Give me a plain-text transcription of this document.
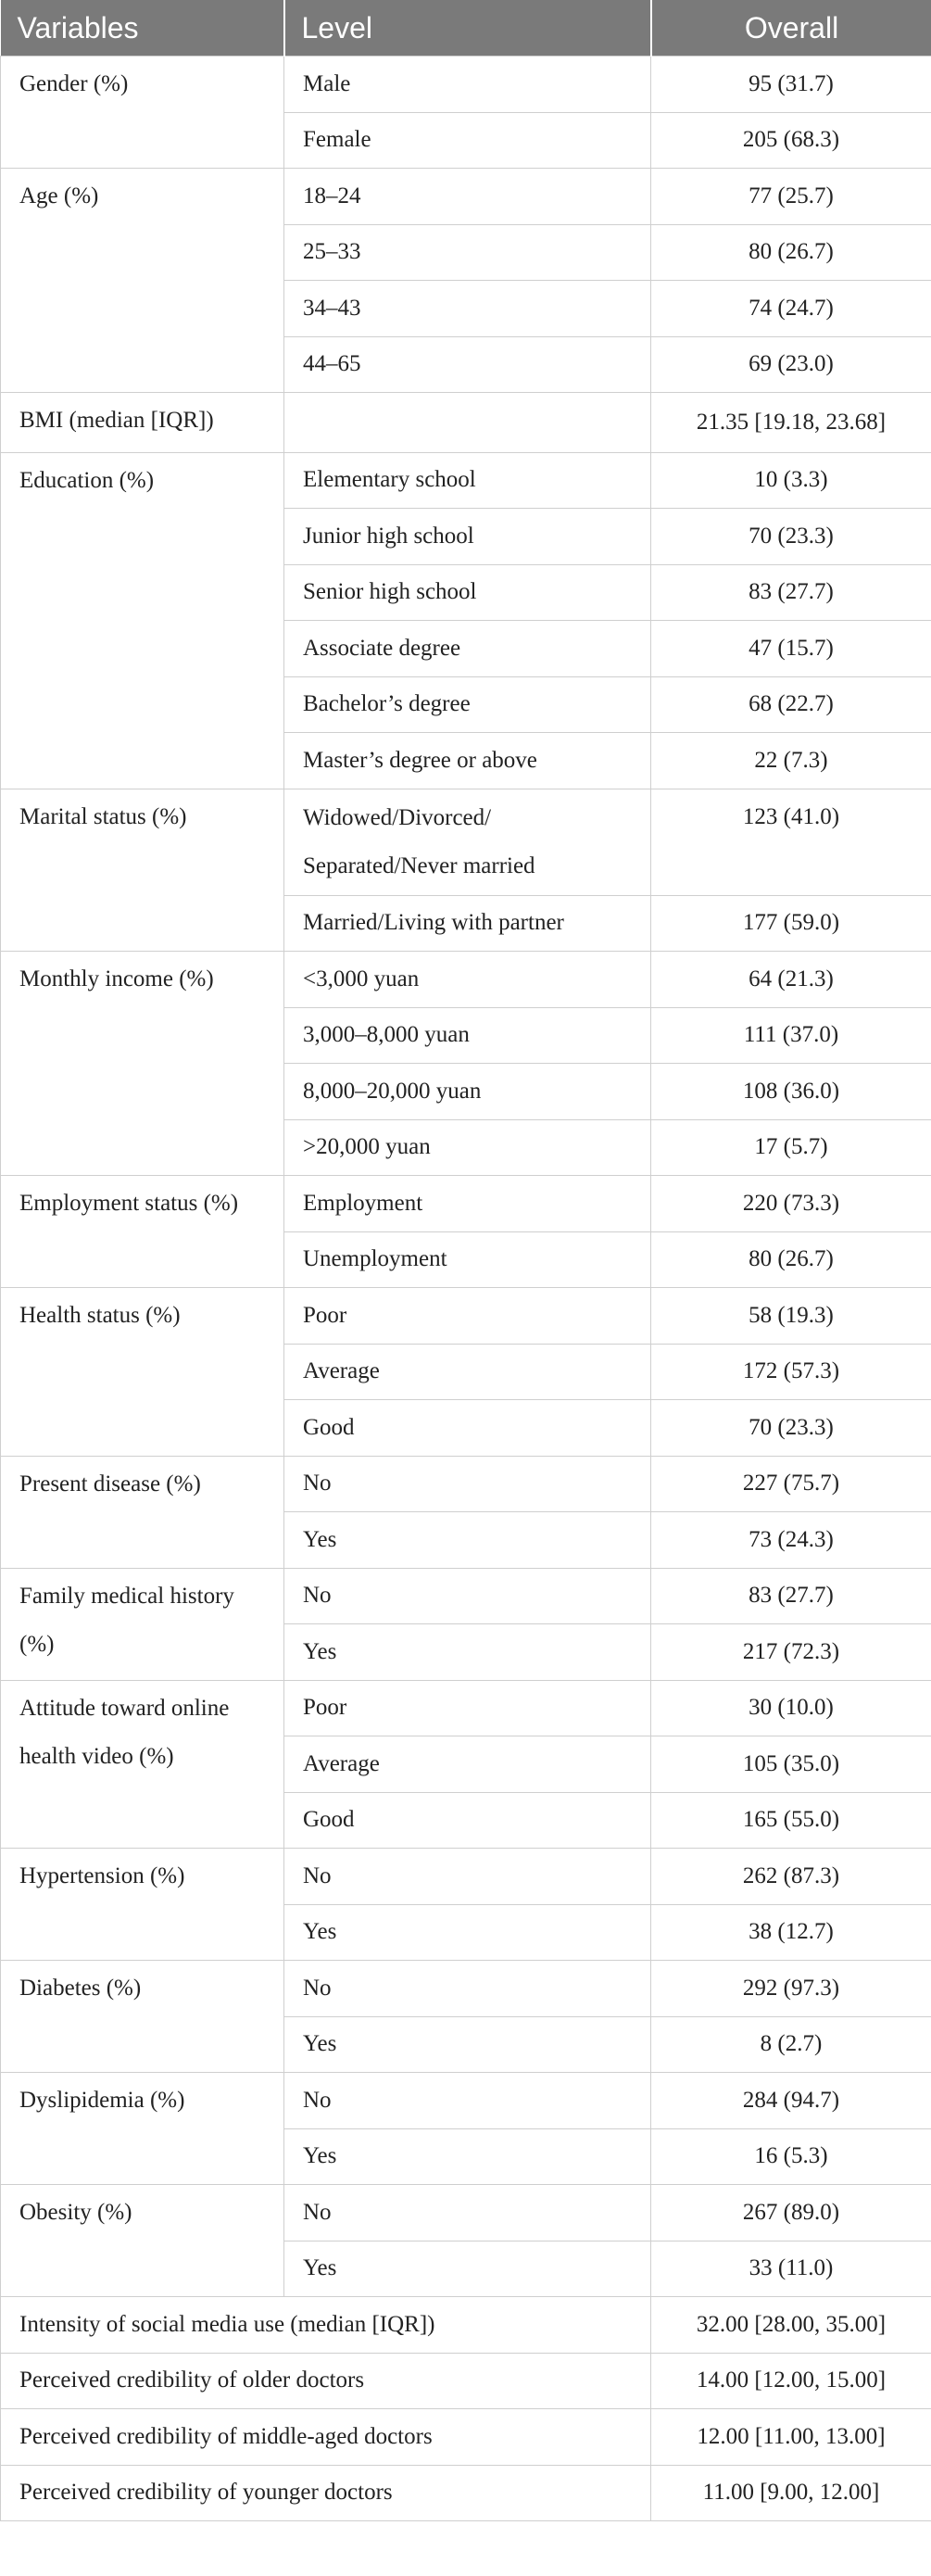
Variables	Level	Overall
Gender (%)	Male	95 (31.7)
	Female	205 (68.3)
Age (%)	18–24	77 (25.7)
	25–33	80 (26.7)
	34–43	74 (24.7)
	44–65	69 (23.0)
BMI (median [IQR])		21.35 [19.18, 23.68]
Education (%)	Elementary school	10 (3.3)
	Junior high school	70 (23.3)
	Senior high school	83 (27.7)
	Associate degree	47 (15.7)
	Bachelor’s degree	68 (22.7)
	Master’s degree or above	22 (7.3)
Marital status (%)	Widowed/Divorced/ Separated/Never married	123 (41.0)
	Married/Living with partner	177 (59.0)
Monthly income (%)	<3,000 yuan	64 (21.3)
	3,000–8,000 yuan	111 (37.0)
	8,000–20,000 yuan	108 (36.0)
	>20,000 yuan	17 (5.7)
Employment status (%)	Employment	220 (73.3)
	Unemployment	80 (26.7)
Health status (%)	Poor	58 (19.3)
	Average	172 (57.3)
	Good	70 (23.3)
Present disease (%)	No	227 (75.7)
	Yes	73 (24.3)
Family medical history (%)	No	83 (27.7)
	Yes	217 (72.3)
Attitude toward online health video (%)	Poor	30 (10.0)
	Average	105 (35.0)
	Good	165 (55.0)
Hypertension (%)	No	262 (87.3)
	Yes	38 (12.7)
Diabetes (%)	No	292 (97.3)
	Yes	8 (2.7)
Dyslipidemia (%)	No	284 (94.7)
	Yes	16 (5.3)
Obesity (%)	No	267 (89.0)
	Yes	33 (11.0)
Intensity of social media use (median [IQR])		32.00 [28.00, 35.00]
Perceived credibility of older doctors		14.00 [12.00, 15.00]
Perceived credibility of middle-aged doctors		12.00 [11.00, 13.00]
Perceived credibility of younger doctors		11.00 [9.00, 12.00]
